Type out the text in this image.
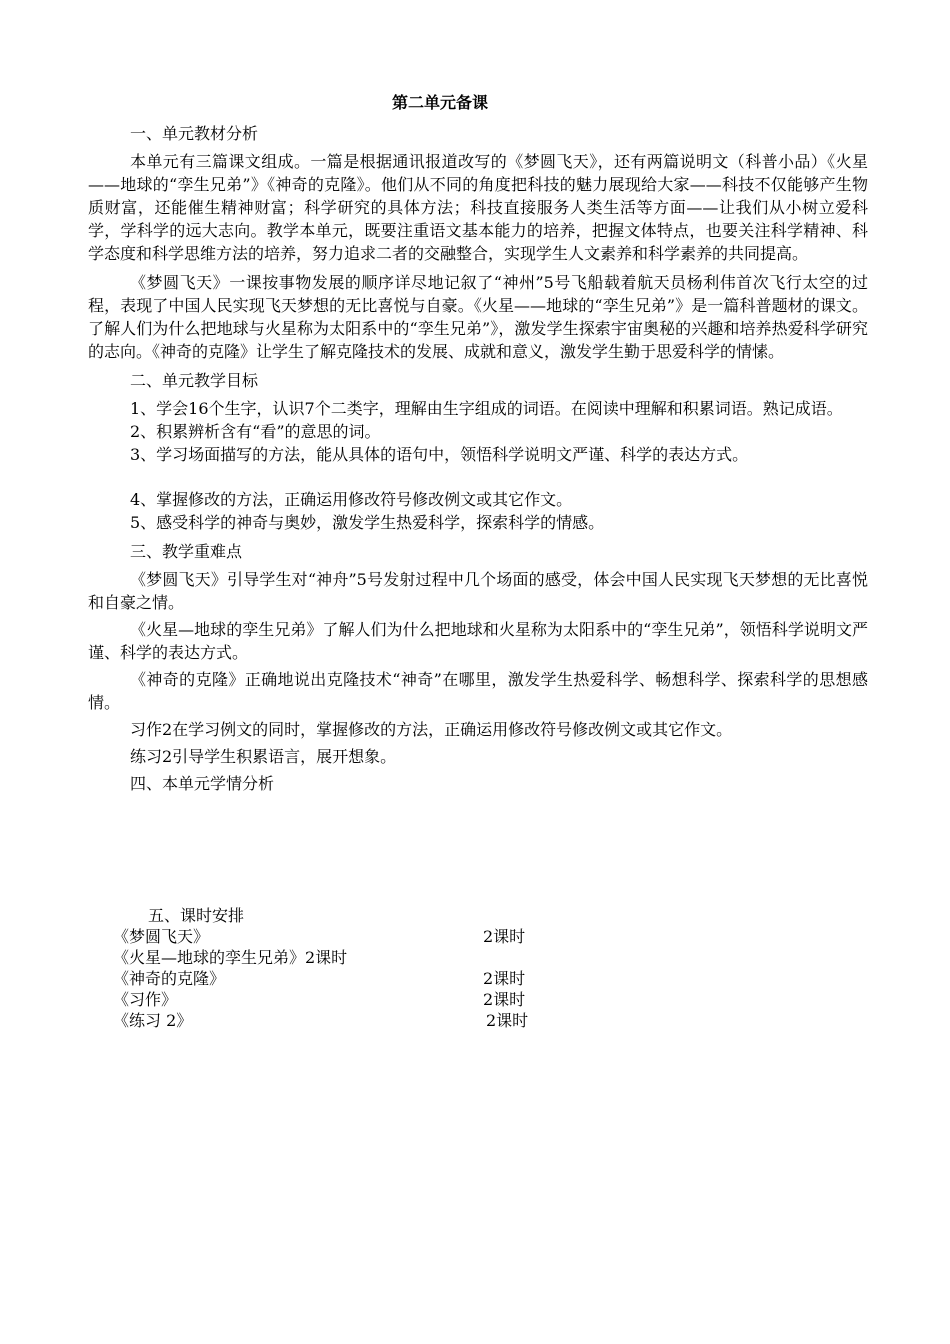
第二单元备课
一、单元教材分析
本单元有三篇课文组成。一篇是根据通讯报道改写的《梦圆飞天》，还有两篇说明文（科普小品）《火星——地球的“孪生兄弟”》《神奇的克隆》。他们从不同的角度把科技的魅力展现给大家——科技不仅能够产生物质财富，还能催生精神财富；科学研究的具体方法；科技直接服务人类生活等方面——让我们从小树立爱科学，学科学的远大志向。教学本单元，既要注重语文基本能力的培养，把握文体特点，也要关注科学精神、科学态度和科学思维方法的培养，努力追求二者的交融整合，实现学生人文素养和科学素养的共同提高。
《梦圆飞天》一课按事物发展的顺序详尽地记叙了“神州”5号飞船载着航天员杨利伟首次飞行太空的过程，表现了中国人民实现飞天梦想的无比喜悦与自豪。《火星——地球的“孪生兄弟”》是一篇科普题材的课文。了解人们为什么把地球与火星称为太阳系中的“孪生兄弟”》，激发学生探索宇宙奥秘的兴趣和培养热爱科学研究的志向。《神奇的克隆》让学生了解克隆技术的发展、成就和意义，激发学生勤于思爱科学的情愫。
二、单元教学目标
1、学会16个生字，认识7个二类字，理解由生字组成的词语。在阅读中理解和积累词语。熟记成语。
2、积累辨析含有“看”的意思的词。
3、学习场面描写的方法，能从具体的语句中，领悟科学说明文严谨、科学的表达方式。
4、掌握修改的方法，正确运用修改符号修改例文或其它作文。
5、感受科学的神奇与奥妙，激发学生热爱科学，探索科学的情感。
三、教学重难点
《梦圆飞天》引导学生对“神舟”5号发射过程中几个场面的感受，体会中国人民实现飞天梦想的无比喜悦和自豪之情。
《火星—地球的孪生兄弟》了解人们为什么把地球和火星称为太阳系中的“孪生兄弟”，领悟科学说明文严谨、科学的表达方式。
《神奇的克隆》正确地说出克隆技术“神奇”在哪里，激发学生热爱科学、畅想科学、探索科学的思想感情。
习作2在学习例文的同时，掌握修改的方法，正确运用修改符号修改例文或其它作文。
练习2引导学生积累语言，展开想象。
四、本单元学情分析
五、课时安排
《梦圆飞天》	2课时
《火星—地球的孪生兄弟》2课时
《神奇的克隆》	2课时
《习作》	2课时
《练习 2》	2课时
